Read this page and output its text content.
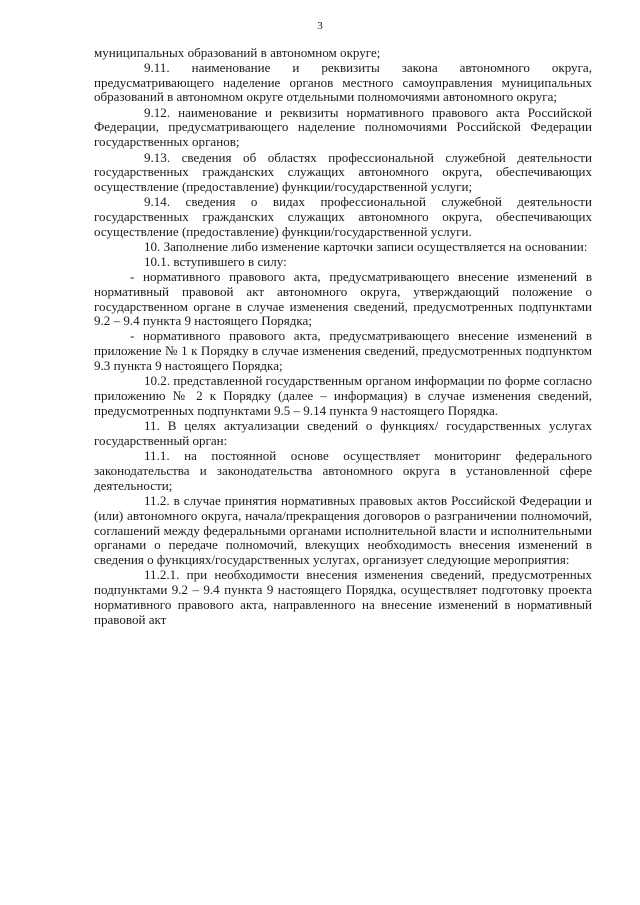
3

муниципальных образований в автономном округе;

9.11. наименование и реквизиты закона автономного округа, предусматривающего наделение органов местного самоуправления муниципальных образований в автономном округе отдельными полномочиями автономного округа;

9.12. наименование и реквизиты нормативного правового акта Российской Федерации, предусматривающего наделение полномочиями Российской Федерации государственных органов;

9.13. сведения об областях профессиональной служебной деятельности государственных гражданских служащих автономного округа, обеспечивающих осуществление (предоставление) функции/государственной услуги;

9.14. сведения о видах профессиональной служебной деятельности государственных гражданских служащих автономного округа, обеспечивающих осуществление (предоставление) функции/государственной услуги.

10. Заполнение либо изменение карточки записи осуществляется на основании:

10.1. вступившего в силу:

- нормативного правового акта, предусматривающего внесение изменений в нормативный правовой акт автономного округа, утверждающий положение о государственном органе в случае изменения сведений, предусмотренных подпунктами 9.2 – 9.4 пункта 9 настоящего Порядка;

- нормативного правового акта, предусматривающего внесение изменений в приложение № 1 к Порядку в случае изменения сведений, предусмотренных подпунктом 9.3 пункта 9 настоящего Порядка;

10.2. представленной государственным органом информации по форме согласно приложению № 2 к Порядку (далее – информация) в случае изменения сведений, предусмотренных подпунктами 9.5 – 9.14 пункта 9 настоящего Порядка.

11. В целях актуализации сведений о функциях/ государственных услугах государственный орган:

11.1. на постоянной основе осуществляет мониторинг федерального законодательства и законодательства автономного округа в установленной сфере деятельности;

11.2. в случае принятия нормативных правовых актов Российской Федерации и (или) автономного округа, начала/прекращения договоров о разграничении полномочий, соглашений между федеральными органами исполнительной власти и исполнительными органами о передаче полномочий, влекущих необходимость внесения изменений в сведения о функциях/государственных услугах, организует следующие мероприятия:

11.2.1. при необходимости внесения изменения сведений, предусмотренных подпунктами 9.2 – 9.4 пункта 9 настоящего Порядка, осуществляет подготовку проекта нормативного правового акта, направленного на внесение изменений в нормативный правовой акт
